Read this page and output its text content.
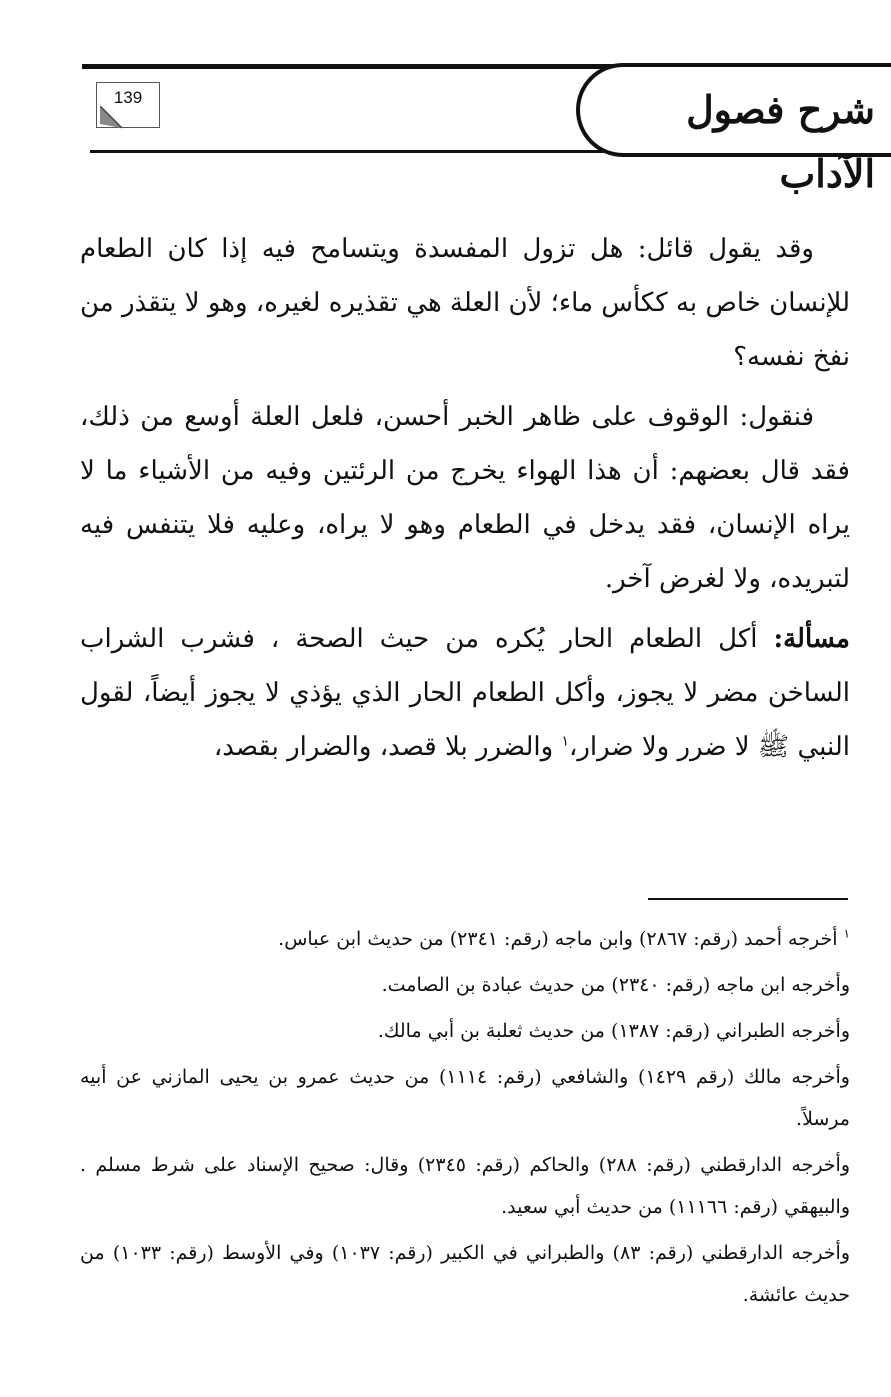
شرح فصول الآداب
139

وقد يقول قائل: هل تزول المفسدة ويتسامح فيه إذا كان الطعام للإنسان خاص به ككأس ماء؛ لأن العلة هي تقذيره لغيره، وهو لا يتقذر من نفخ نفسه؟

فنقول: الوقوف على ظاهر الخبر أحسن، فلعل العلة أوسع من ذلك، فقد قال بعضهم: أن هذا الهواء يخرج من الرئتين وفيه من الأشياء ما لا يراه الإنسان، فقد يدخل في الطعام وهو لا يراه، وعليه فلا يتنفس فيه لتبريده، ولا لغرض آخر.

مسألة: أكل الطعام الحار يُكره من حيث الصحة ، فشرب الشراب الساخن مضر لا يجوز، وأكل الطعام الحار الذي يؤذي لا يجوز أيضاً، لقول النبي ﷺ لا ضرر ولا ضرار،$^١$ والضرر بلا قصد، والضرار بقصد،

$^١$ أخرجه أحمد (رقم: ٢٨٦٧) وابن ماجه (رقم: ٢٣٤١) من حديث ابن عباس.

وأخرجه ابن ماجه (رقم: ٢٣٤٠) من حديث عبادة بن الصامت.

وأخرجه الطبراني (رقم: ١٣٨٧) من حديث ثعلبة بن أبي مالك.

وأخرجه مالك (رقم ١٤٢٩) والشافعي (رقم: ١١١٤) من حديث عمرو بن يحيى المازني عن أبيه مرسلاً.

وأخرجه الدارقطني (رقم: ٢٨٨) والحاكم (رقم: ٢٣٤٥) وقال: صحيح الإسناد على شرط مسلم . والبيهقي (رقم: ١١١٦٦) من حديث أبي سعيد.

وأخرجه الدارقطني (رقم: ٨٣) والطبراني في الكبير (رقم: ١٠٣٧) وفي الأوسط (رقم: ١٠٣٣) من حديث عائشة.
